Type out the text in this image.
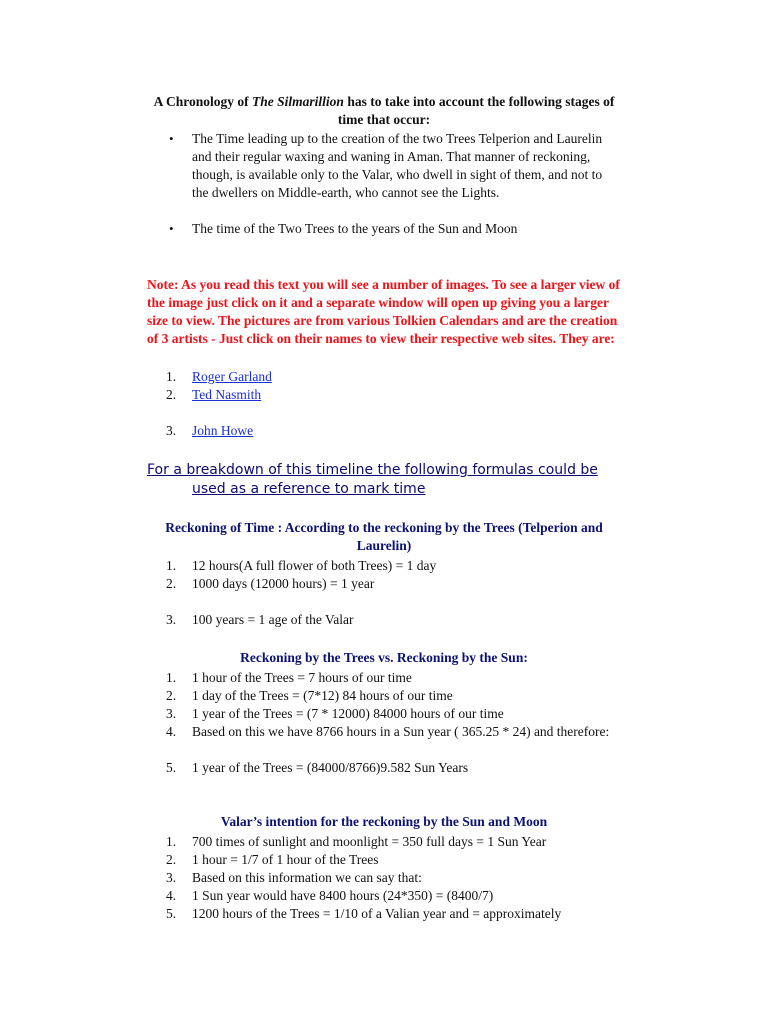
A Chronology of The Silmarillion has to take into account the following stages of time that occur:

• The Time leading up to the creation of the two Trees Telperion and Laurelin and their regular waxing and waning in Aman. That manner of reckoning, though, is available only to the Valar, who dwell in sight of them, and not to the dwellers on Middle-earth, who cannot see the Lights.
• The time of the Two Trees to the years of the Sun and Moon

Note: As you read this text you will see a number of images. To see a larger view of the image just click on it and a separate window will open up giving you a larger size to view. The pictures are from various Tolkien Calendars and are the creation of 3 artists - Just click on their names to view their respective web sites. They are:

1. Roger Garland
2. Ted Nasmith
3. John Howe
For a breakdown of this timeline the following formulas could be
used as a reference to mark time

Reckoning of Time : According to the reckoning by the Trees (Telperion and Laurelin)

1. 12 hours(A full flower of both Trees) = 1 day
2. 1000 days (12000 hours) = 1 year
3. 100 years = 1 age of the Valar

Reckoning by the Trees vs. Reckoning by the Sun:

1. 1 hour of the Trees = 7 hours of our time
2. 1 day of the Trees = (7*12) 84 hours of our time
3. 1 year of the Trees = (7 * 12000) 84000 hours of our time
4. Based on this we have 8766 hours in a Sun year ( 365.25 * 24) and therefore:
5. 1 year of the Trees = (84000/8766)9.582 Sun Years

Valar’s intention for the reckoning by the Sun and Moon

1. 700 times of sunlight and moonlight = 350 full days = 1 Sun Year
2. 1 hour = 1/7 of 1 hour of the Trees
3. Based on this information we can say that:
4. 1 Sun year would have 8400 hours (24*350) = (8400/7)
5. 1200 hours of the Trees = 1/10 of a Valian year and = approximately
